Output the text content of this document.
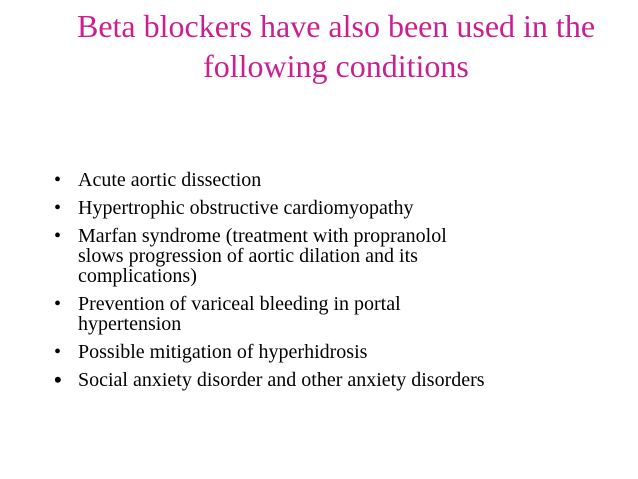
Beta blockers have also been used in the
following conditions
• Acute aortic dissection
• Hypertrophic obstructive cardiomyopathy
• Marfan syndrome (treatment with propranolol
slows progression of aortic dilation and its
complications)
• Prevention of variceal bleeding in portal
hypertension
• Possible mitigation of hyperhidrosis
• Social anxiety disorder and other anxiety disorders
